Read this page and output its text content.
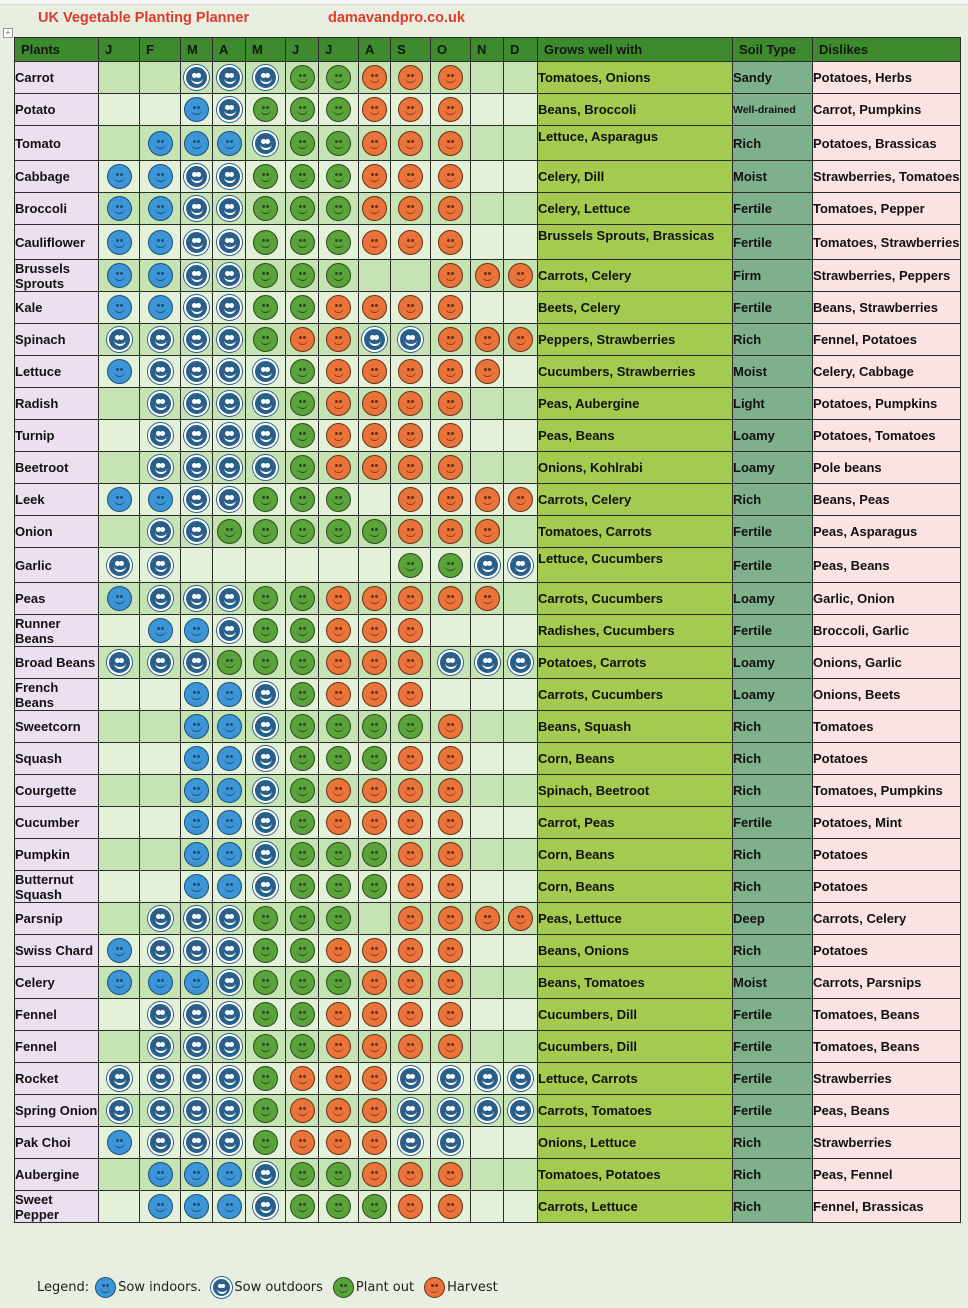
UK Vegetable Planting Planner	damavandpro.co.uk
+
Plants	J	F	M	A	M	J	J	A	S	O	N	D	Grows well with	Soil Type	Dislikes
Carrot													Tomatoes, Onions	Sandy	Potatoes, Herbs
Potato													Beans, Broccoli	Well-drained	Carrot, Pumpkins
Tomato													Lettuce, Asparagus	Rich	Potatoes, Brassicas
Cabbage													Celery, Dill	Moist	Strawberries, Tomatoes
Broccoli													Celery, Lettuce	Fertile	Tomatoes, Pepper
Cauliflower													Brussels Sprouts, Brassicas	Fertile	Tomatoes, Strawberries
Brussels Sprouts													Carrots, Celery	Firm	Strawberries, Peppers
Kale													Beets, Celery	Fertile	Beans, Strawberries
Spinach													Peppers, Strawberries	Rich	Fennel, Potatoes
Lettuce													Cucumbers, Strawberries	Moist	Celery, Cabbage
Radish													Peas, Aubergine	Light	Potatoes, Pumpkins
Turnip													Peas, Beans	Loamy	Potatoes, Tomatoes
Beetroot													Onions, Kohlrabi	Loamy	Pole beans
Leek													Carrots, Celery	Rich	Beans, Peas
Onion													Tomatoes, Carrots	Fertile	Peas, Asparagus
Garlic													Lettuce, Cucumbers	Fertile	Peas, Beans
Peas													Carrots, Cucumbers	Loamy	Garlic, Onion
Runner Beans													Radishes, Cucumbers	Fertile	Broccoli, Garlic
Broad Beans													Potatoes, Carrots	Loamy	Onions, Garlic
French Beans													Carrots, Cucumbers	Loamy	Onions, Beets
Sweetcorn													Beans, Squash	Rich	Tomatoes
Squash													Corn, Beans	Rich	Potatoes
Courgette													Spinach, Beetroot	Rich	Tomatoes, Pumpkins
Cucumber													Carrot, Peas	Fertile	Potatoes, Mint
Pumpkin													Corn, Beans	Rich	Potatoes
Butternut Squash													Corn, Beans	Rich	Potatoes
Parsnip													Peas, Lettuce	Deep	Carrots, Celery
Swiss Chard													Beans, Onions	Rich	Potatoes
Celery													Beans, Tomatoes	Moist	Carrots, Parsnips
Fennel													Cucumbers, Dill	Fertile	Tomatoes, Beans
Fennel													Cucumbers, Dill	Fertile	Tomatoes, Beans
Rocket													Lettuce, Carrots	Fertile	Strawberries
Spring Onion													Carrots, Tomatoes	Fertile	Peas, Beans
Pak Choi													Onions, Lettuce	Rich	Strawberries
Aubergine													Tomatoes, Potatoes	Rich	Peas, Fennel
Sweet Pepper													Carrots, Lettuce	Rich	Fennel, Brassicas
Legend: Sow indoors.	Sow outdoors	Plant out	Harvest
